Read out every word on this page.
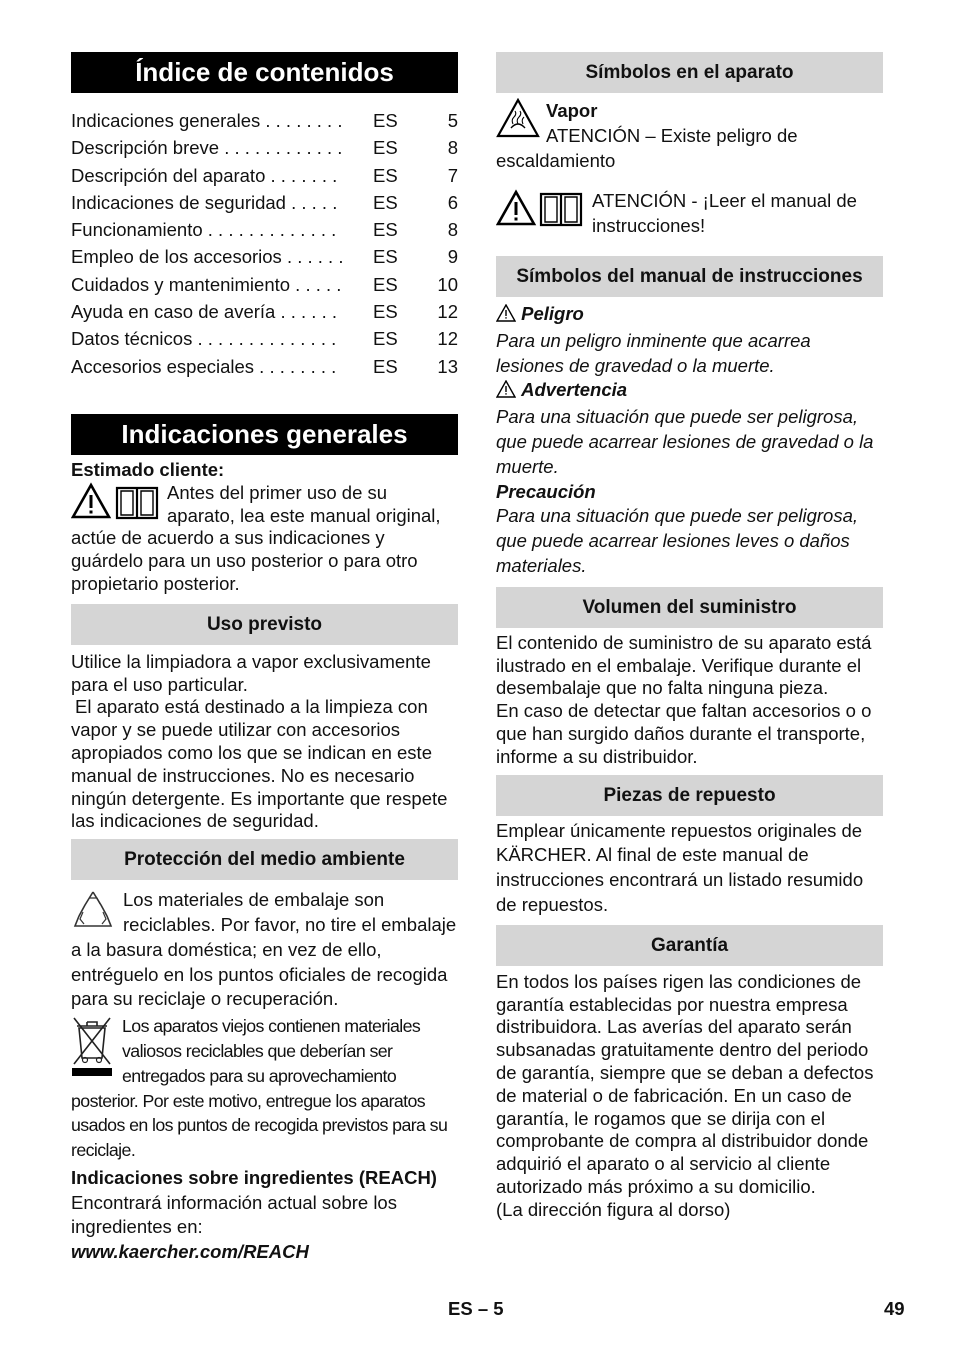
Índice de contenidos
Indicaciones generales . . . . . . . .	ES	5
Descripción breve . . . . . . . . . . . .	ES	8
Descripción del aparato . . . . . . .	ES	7
Indicaciones de seguridad . . . . .	ES	6
Funcionamiento . . . . . . . . . . . . .	ES	8
Empleo de los accesorios . . . . . .	ES	9
Cuidados y mantenimiento . . . . .	ES	10
Ayuda en caso de avería . . . . . .	ES	12
Datos técnicos . . . . . . . . . . . . . .	ES	12
Accesorios especiales . . . . . . . .	ES	13
Indicaciones generales
Estimado cliente:
Antes del primer uso de su aparato, lea este manual original, actúe de acuerdo a sus indicaciones y guárdelo para un uso posterior o para otro propietario posterior.
Uso previsto
Utilice la limpiadora a vapor exclusivamente para el uso particular.
El aparato está destinado a la limpieza con vapor y se puede utilizar con accesorios apropiados como los que se indican en este manual de instrucciones. No es necesario ningún detergente. Es importante que respete las indicaciones de seguridad.
Protección del medio ambiente
Los materiales de embalaje son reciclables. Por favor, no tire el embalaje a la basura doméstica; en vez de ello, entréguelo en los puntos oficiales de recogida para su reciclaje o recuperación.
Los aparatos viejos contienen materiales valiosos reciclables que deberían ser entregados para su aprovechamiento posterior. Por este motivo, entregue los aparatos usados en los puntos de recogida previstos para su reciclaje.
Indicaciones sobre ingredientes (REACH)
Encontrará información actual sobre los ingredientes en:
www.kaercher.com/REACH
Símbolos en el aparato
Vapor
ATENCIÓN – Existe peligro de escaldamiento
ATENCIÓN - ¡Leer el manual de instrucciones!
Símbolos del manual de instrucciones
Peligro
Para un peligro inminente que acarrea lesiones de gravedad o la muerte.
Advertencia
Para una situación que puede ser peligrosa, que puede acarrear lesiones de gravedad o la muerte.
Precaución
Para una situación que puede ser peligrosa, que puede acarrear lesiones leves o daños materiales.
Volumen del suministro
El contenido de suministro de su aparato está ilustrado en el embalaje. Verifique durante el desembalaje que no falta ninguna pieza.
En caso de detectar que faltan accesorios o o que han surgido daños durante el transporte, informe a su distribuidor.
Piezas de repuesto
Emplear únicamente repuestos originales de KÄRCHER. Al final de este manual de instrucciones encontrará un listado resumido de repuestos.
Garantía
En todos los países rigen las condiciones de garantía establecidas por nuestra empresa distribuidora. Las averías del aparato serán subsanadas gratuitamente dentro del periodo de garantía, siempre que se deban a defectos de material o de fabricación. En un caso de garantía, le rogamos que se dirija con el comprobante de compra al distribuidor donde adquirió el aparato o al servicio al cliente autorizado más próximo a su domicilio.
(La dirección figura al dorso)
ES – 5	49
